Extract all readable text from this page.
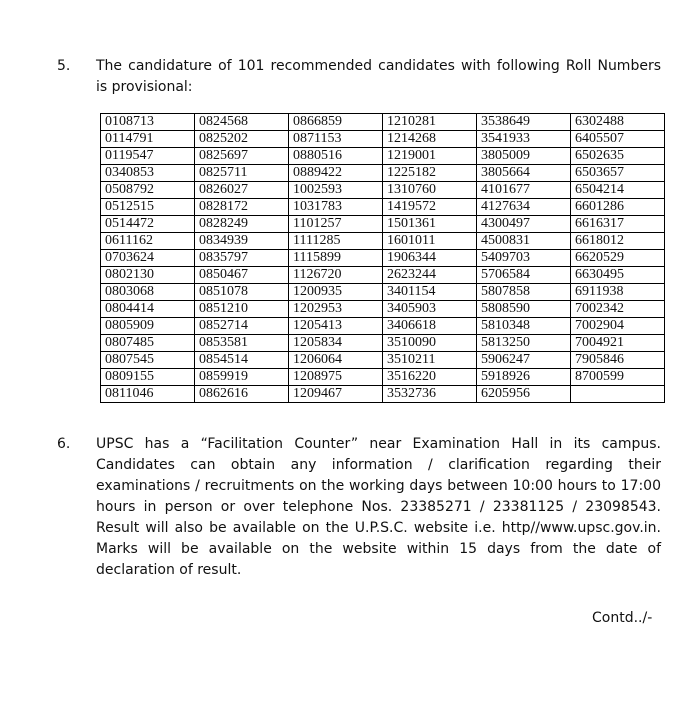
5. The candidature of 101 recommended candidates with following Roll Numbers is provisional:
0108713	0824568	0866859	1210281	3538649	6302488
0114791	0825202	0871153	1214268	3541933	6405507
0119547	0825697	0880516	1219001	3805009	6502635
0340853	0825711	0889422	1225182	3805664	6503657
0508792	0826027	1002593	1310760	4101677	6504214
0512515	0828172	1031783	1419572	4127634	6601286
0514472	0828249	1101257	1501361	4300497	6616317
0611162	0834939	1111285	1601011	4500831	6618012
0703624	0835797	1115899	1906344	5409703	6620529
0802130	0850467	1126720	2623244	5706584	6630495
0803068	0851078	1200935	3401154	5807858	6911938
0804414	0851210	1202953	3405903	5808590	7002342
0805909	0852714	1205413	3406618	5810348	7002904
0807485	0853581	1205834	3510090	5813250	7004921
0807545	0854514	1206064	3510211	5906247	7905846
0809155	0859919	1208975	3516220	5918926	8700599
0811046	0862616	1209467	3532736	6205956	
6. UPSC has a “Facilitation Counter” near Examination Hall in its campus. Candidates can obtain any information / clarification regarding their examinations / recruitments on the working days between 10:00 hours to 17:00 hours in person or over telephone Nos. 23385271 / 23381125 / 23098543. Result will also be available on the U.P.S.C. website i.e. http//www.upsc.gov.in. Marks will be available on the website within 15 days from the date of declaration of result.
Contd../-
